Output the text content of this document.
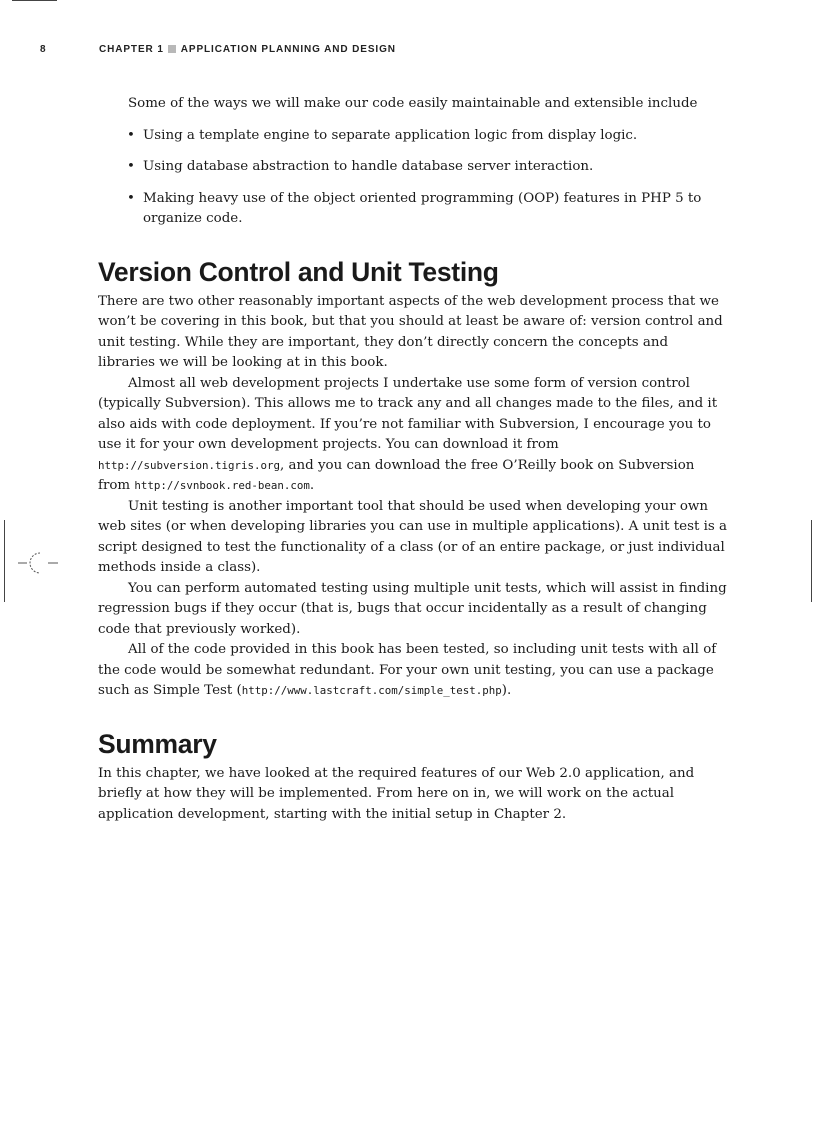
8	CHAPTER 1 APPLICATION PLANNING AND DESIGN

Some of the ways we will make our code easily maintainable and extensible include

• Using a template engine to separate application logic from display logic.
• Using database abstraction to handle database server interaction.
• Making heavy use of the object oriented programming (OOP) features in PHP 5 to organize code.
Version Control and Unit Testing

There are two other reasonably important aspects of the web development process that we won’t be covering in this book, but that you should at least be aware of: version control and unit testing. While they are important, they don’t directly concern the concepts and libraries we will be looking at in this book.

Almost all web development projects I undertake use some form of version control (typically Subversion). This allows me to track any and all changes made to the files, and it also aids with code deployment. If you’re not familiar with Subversion, I encourage you to use it for your own development projects. You can download it from http://subversion.tigris.org, and you can download the free O’Reilly book on Subversion from http://svnbook.red-bean.com.

Unit testing is another important tool that should be used when developing your own web sites (or when developing libraries you can use in multiple applications). A unit test is a script designed to test the functionality of a class (or of an entire package, or just individual methods inside a class).

You can perform automated testing using multiple unit tests, which will assist in finding regression bugs if they occur (that is, bugs that occur incidentally as a result of changing code that previously worked).

All of the code provided in this book has been tested, so including unit tests with all of the code would be somewhat redundant. For your own unit testing, you can use a package such as Simple Test (http://www.lastcraft.com/simple_test.php).

Summary

In this chapter, we have looked at the required features of our Web 2.0 application, and briefly at how they will be implemented. From here on in, we will work on the actual application development, starting with the initial setup in Chapter 2.
